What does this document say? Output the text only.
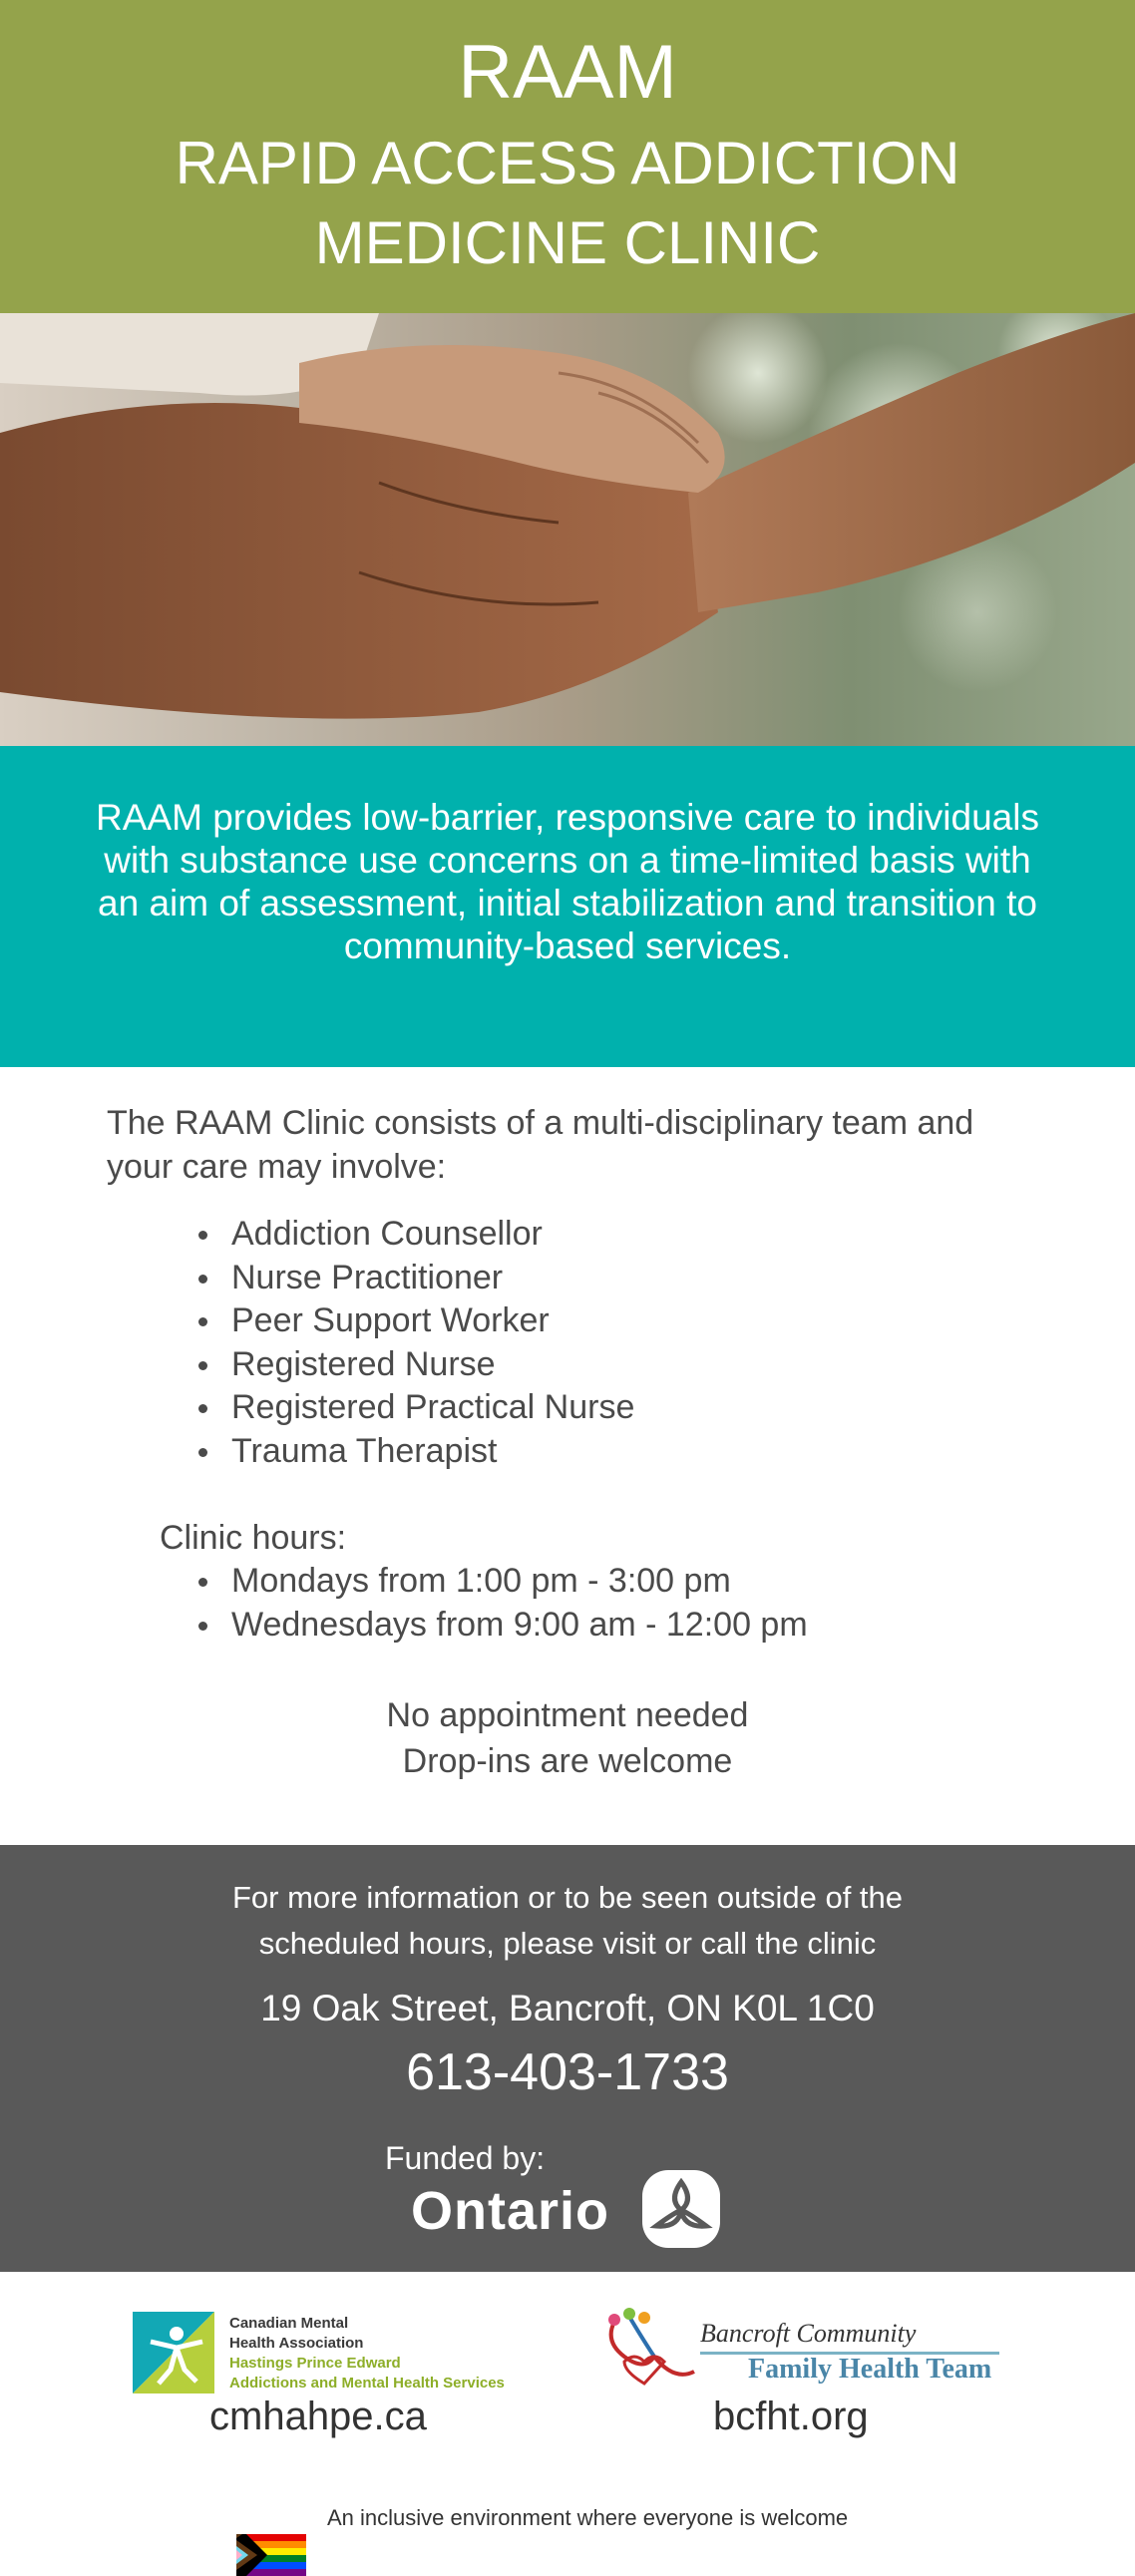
RAAM
RAPID ACCESS ADDICTION
MEDICINE CLINIC
RAAM provides low-barrier, responsive care to individuals with substance use concerns on a time-limited basis with an aim of assessment, initial stabilization and transition to community-based services.
The RAAM Clinic consists of a multi-disciplinary team and your care may involve:
Addiction Counsellor
Nurse Practitioner
Peer Support Worker
Registered Nurse
Registered Practical Nurse
Trauma Therapist
Clinic hours:
Mondays from 1:00 pm - 3:00 pm
Wednesdays from 9:00 am - 12:00 pm
No appointment needed
Drop-ins are welcome
For more information or to be seen outside of the
scheduled hours, please visit or call the clinic
19 Oak Street, Bancroft, ON K0L 1C0
613-403-1733
Funded by:
Ontario
Canadian Mental
Health Association
Hastings Prince Edward
Addictions and Mental Health Services
cmhahpe.ca
Bancroft Community
Family Health Team
bcfht.org
An inclusive environment where everyone is welcome
